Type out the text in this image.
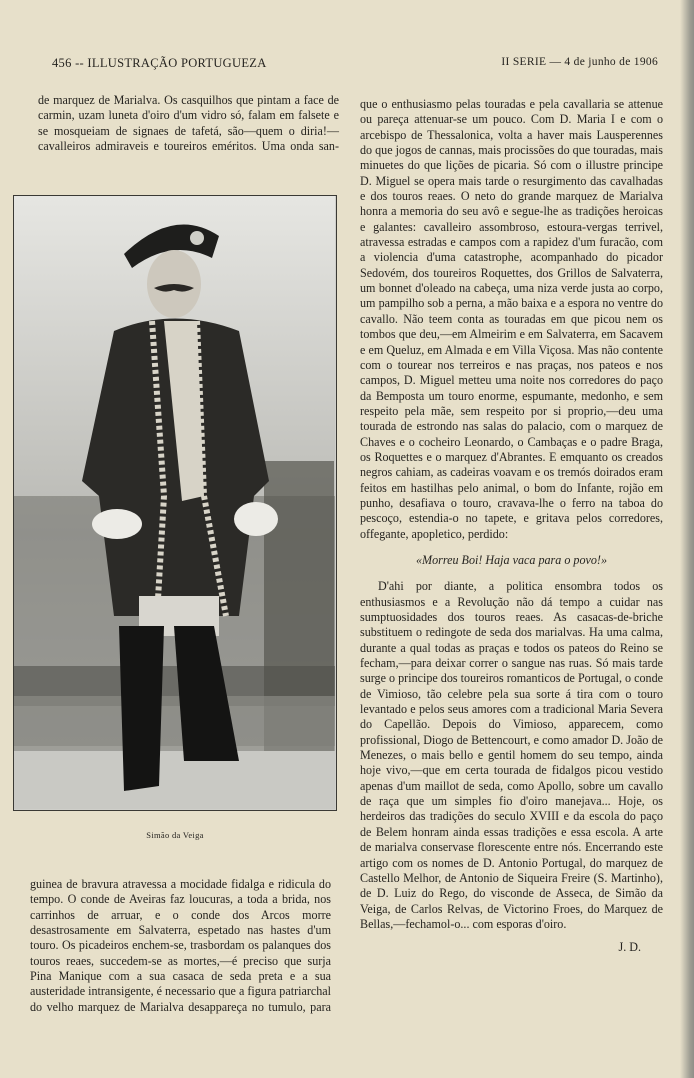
456 -- ILLUSTRAÇÃO PORTUGUEZA	II SERIE — 4 de junho de 1906

de marquez de Marialva. Os casquilhos que pintam a face de carmin, uzam luneta d'oiro d'um vidro só, falam em falsete e se mosqueiam de signaes de tafetá, são—quem o diria!—cavalleiros admiraveis e toureiros eméritos. Uma onda san-

Simão da Veiga

guinea de bravura atravessa a mocidade fidalga e ridicula do tempo. O conde de Aveiras faz loucuras, a toda a brida, nos carrinhos de arruar, e o conde dos Arcos morre desastrosamente em Salvaterra, espetado nas hastes d'um touro. Os picadeiros enchem-se, trasbordam os palanques dos touros reaes, succedem-se as mortes,—é preciso que surja Pina Manique com a sua casaca de seda preta e a sua austeridade intransigente, é necessario que a figura patriarchal do velho marquez de Marialva desappareça no tumulo, para

que o enthusiasmo pelas touradas e pela cavallaria se attenue ou pareça attenuar-se um pouco. Com D. Maria I e com o arcebispo de Thessalonica, volta a haver mais Lausperennes do que jogos de cannas, mais procissões do que touradas, mais minuetes do que lições de picaria. Só com o illustre principe D. Miguel se opera mais tarde o resurgimento das cavalhadas e dos touros reaes. O neto do grande marquez de Marialva honra a memoria do seu avô e segue-lhe as tradições heroicas e galantes: cavalleiro assombroso, estoura-vergas terrivel, atravessa estradas e campos com a rapidez d'um furacão, com a violencia d'uma catastrophe, acompanhado do picador Sedovém, dos toureiros Roquettes, dos Grillos de Salvaterra, um bonnet d'oleado na cabeça, uma niza verde justa ao corpo, um pampilho sob a perna, a mão baixa e a espora no ventre do cavallo. Não teem conta as touradas em que picou nem os tombos que deu,—em Almeirim e em Salvaterra, em Sacavem e em Queluz, em Almada e em Villa Viçosa. Mas não contente com o tourear nos terreiros e nas praças, nos pateos e nos campos, D. Miguel metteu uma noite nos corredores do paço da Bemposta um touro enorme, espumante, medonho, e sem respeito pela mãe, sem respeito por si proprio,—deu uma tourada de estrondo nas salas do palacio, com o marquez de Chaves e o cocheiro Leonardo, o Cambaças e o padre Braga, os Roquettes e o marquez d'Abrantes. E emquanto os creados negros cahiam, as cadeiras voavam e os tremós doirados eram feitos em hastilhas pelo animal, o bom do Infante, rojão em punho, desafiava o touro, cravava-lhe o ferro na taboa do pescoço, estendia-o no tapete, e gritava pelos corredores, offegante, apopletico, perdido:

«Morreu Boi! Haja vaca para o povo!»

D'ahi por diante, a politica ensombra todos os enthusiasmos e a Revolução não dá tempo a cuidar nas sumptuosidades dos touros reaes. As casacas-de-briche substituem o redingote de seda dos marialvas. Ha uma calma, durante a qual todas as praças e todos os pateos do Reino se fecham,—para deixar correr o sangue nas ruas. Só mais tarde surge o principe dos toureiros romanticos de Portugal, o conde de Vimioso, tão celebre pela sua sorte á tira com o touro levantado e pelos seus amores com a tradicional Maria Severa do Capellão. Depois do Vimioso, apparecem, como profissional, Diogo de Bettencourt, e como amador D. João de Menezes, o mais bello e gentil homem do seu tempo, ainda hoje vivo,—que em certa tourada de fidalgos picou vestido apenas d'um maillot de seda, como Apollo, sobre um cavallo de raça que um simples fio d'oiro manejava... Hoje, os herdeiros das tradições do seculo XVIII e da escola do paço de Belem honram ainda essas tradições e essa escola. A arte de marialva conservase florescente entre nós. Encerrando este artigo com os nomes de D. Antonio Portugal, do marquez de Castello Melhor, de Antonio de Siqueira Freire (S. Martinho), de D. Luiz do Rego, do visconde de Asseca, de Simão da Veiga, de Carlos Relvas, de Victorino Froes, do Marquez de Bellas,—fechamol-o... com esporas d'oiro.

J. D.
